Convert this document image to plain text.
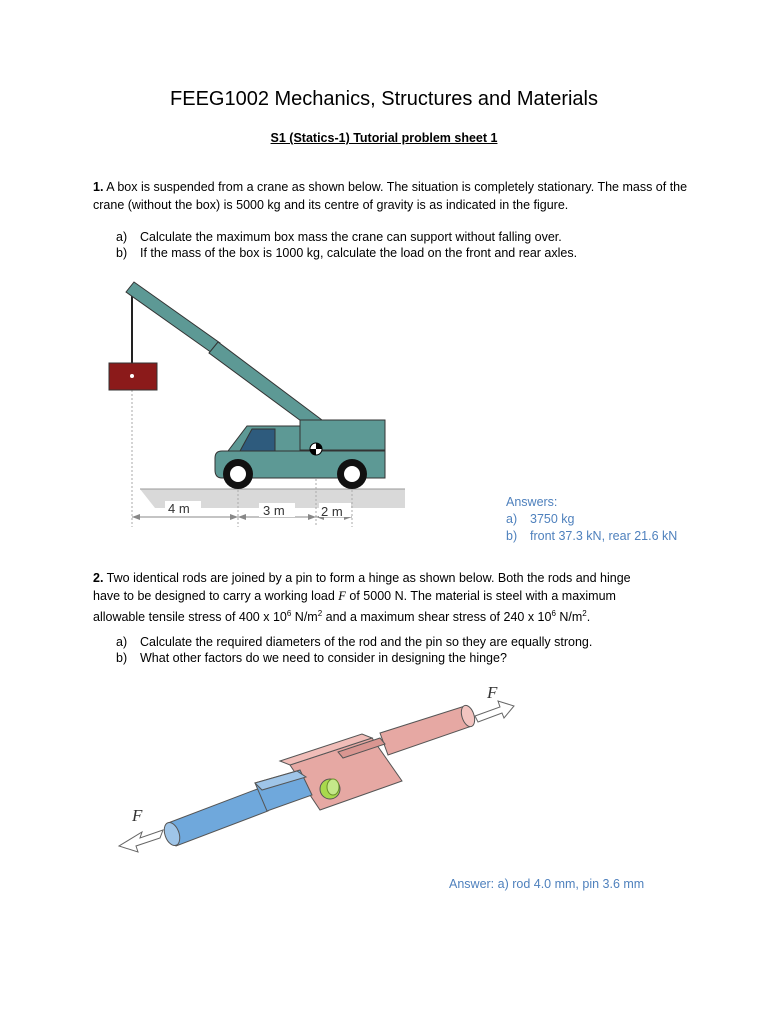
FEEG1002 Mechanics, Structures and Materials
S1 (Statics-1) Tutorial problem sheet 1
1. A box is suspended from a crane as shown below. The situation is completely stationary. The mass of the crane (without the box) is 5000 kg and its centre of gravity is as indicated in the figure.
a)	Calculate the maximum box mass the crane can support without falling over.
b)	If the mass of the box is 1000 kg, calculate the load on the front and rear axles.
4 m	3 m	2 m
Answers:
a)	3750 kg
b)	front 37.3 kN, rear 21.6 kN
2. Two identical rods are joined by a pin to form a hinge as shown below. Both the rods and hinge
have to be designed to carry a working load F of 5000 N. The material is steel with a maximum
allowable tensile stress of 400 x $10^6$ $N/m^2$ and a maximum shear stress of 240 x $10^6$ $N/m^2$.
a)	Calculate the required diameters of the rod and the pin so they are equally strong.
b)	What other factors do we need to consider in designing the hinge?
F
F
Answer: a) rod 4.0 mm, pin 3.6 mm
